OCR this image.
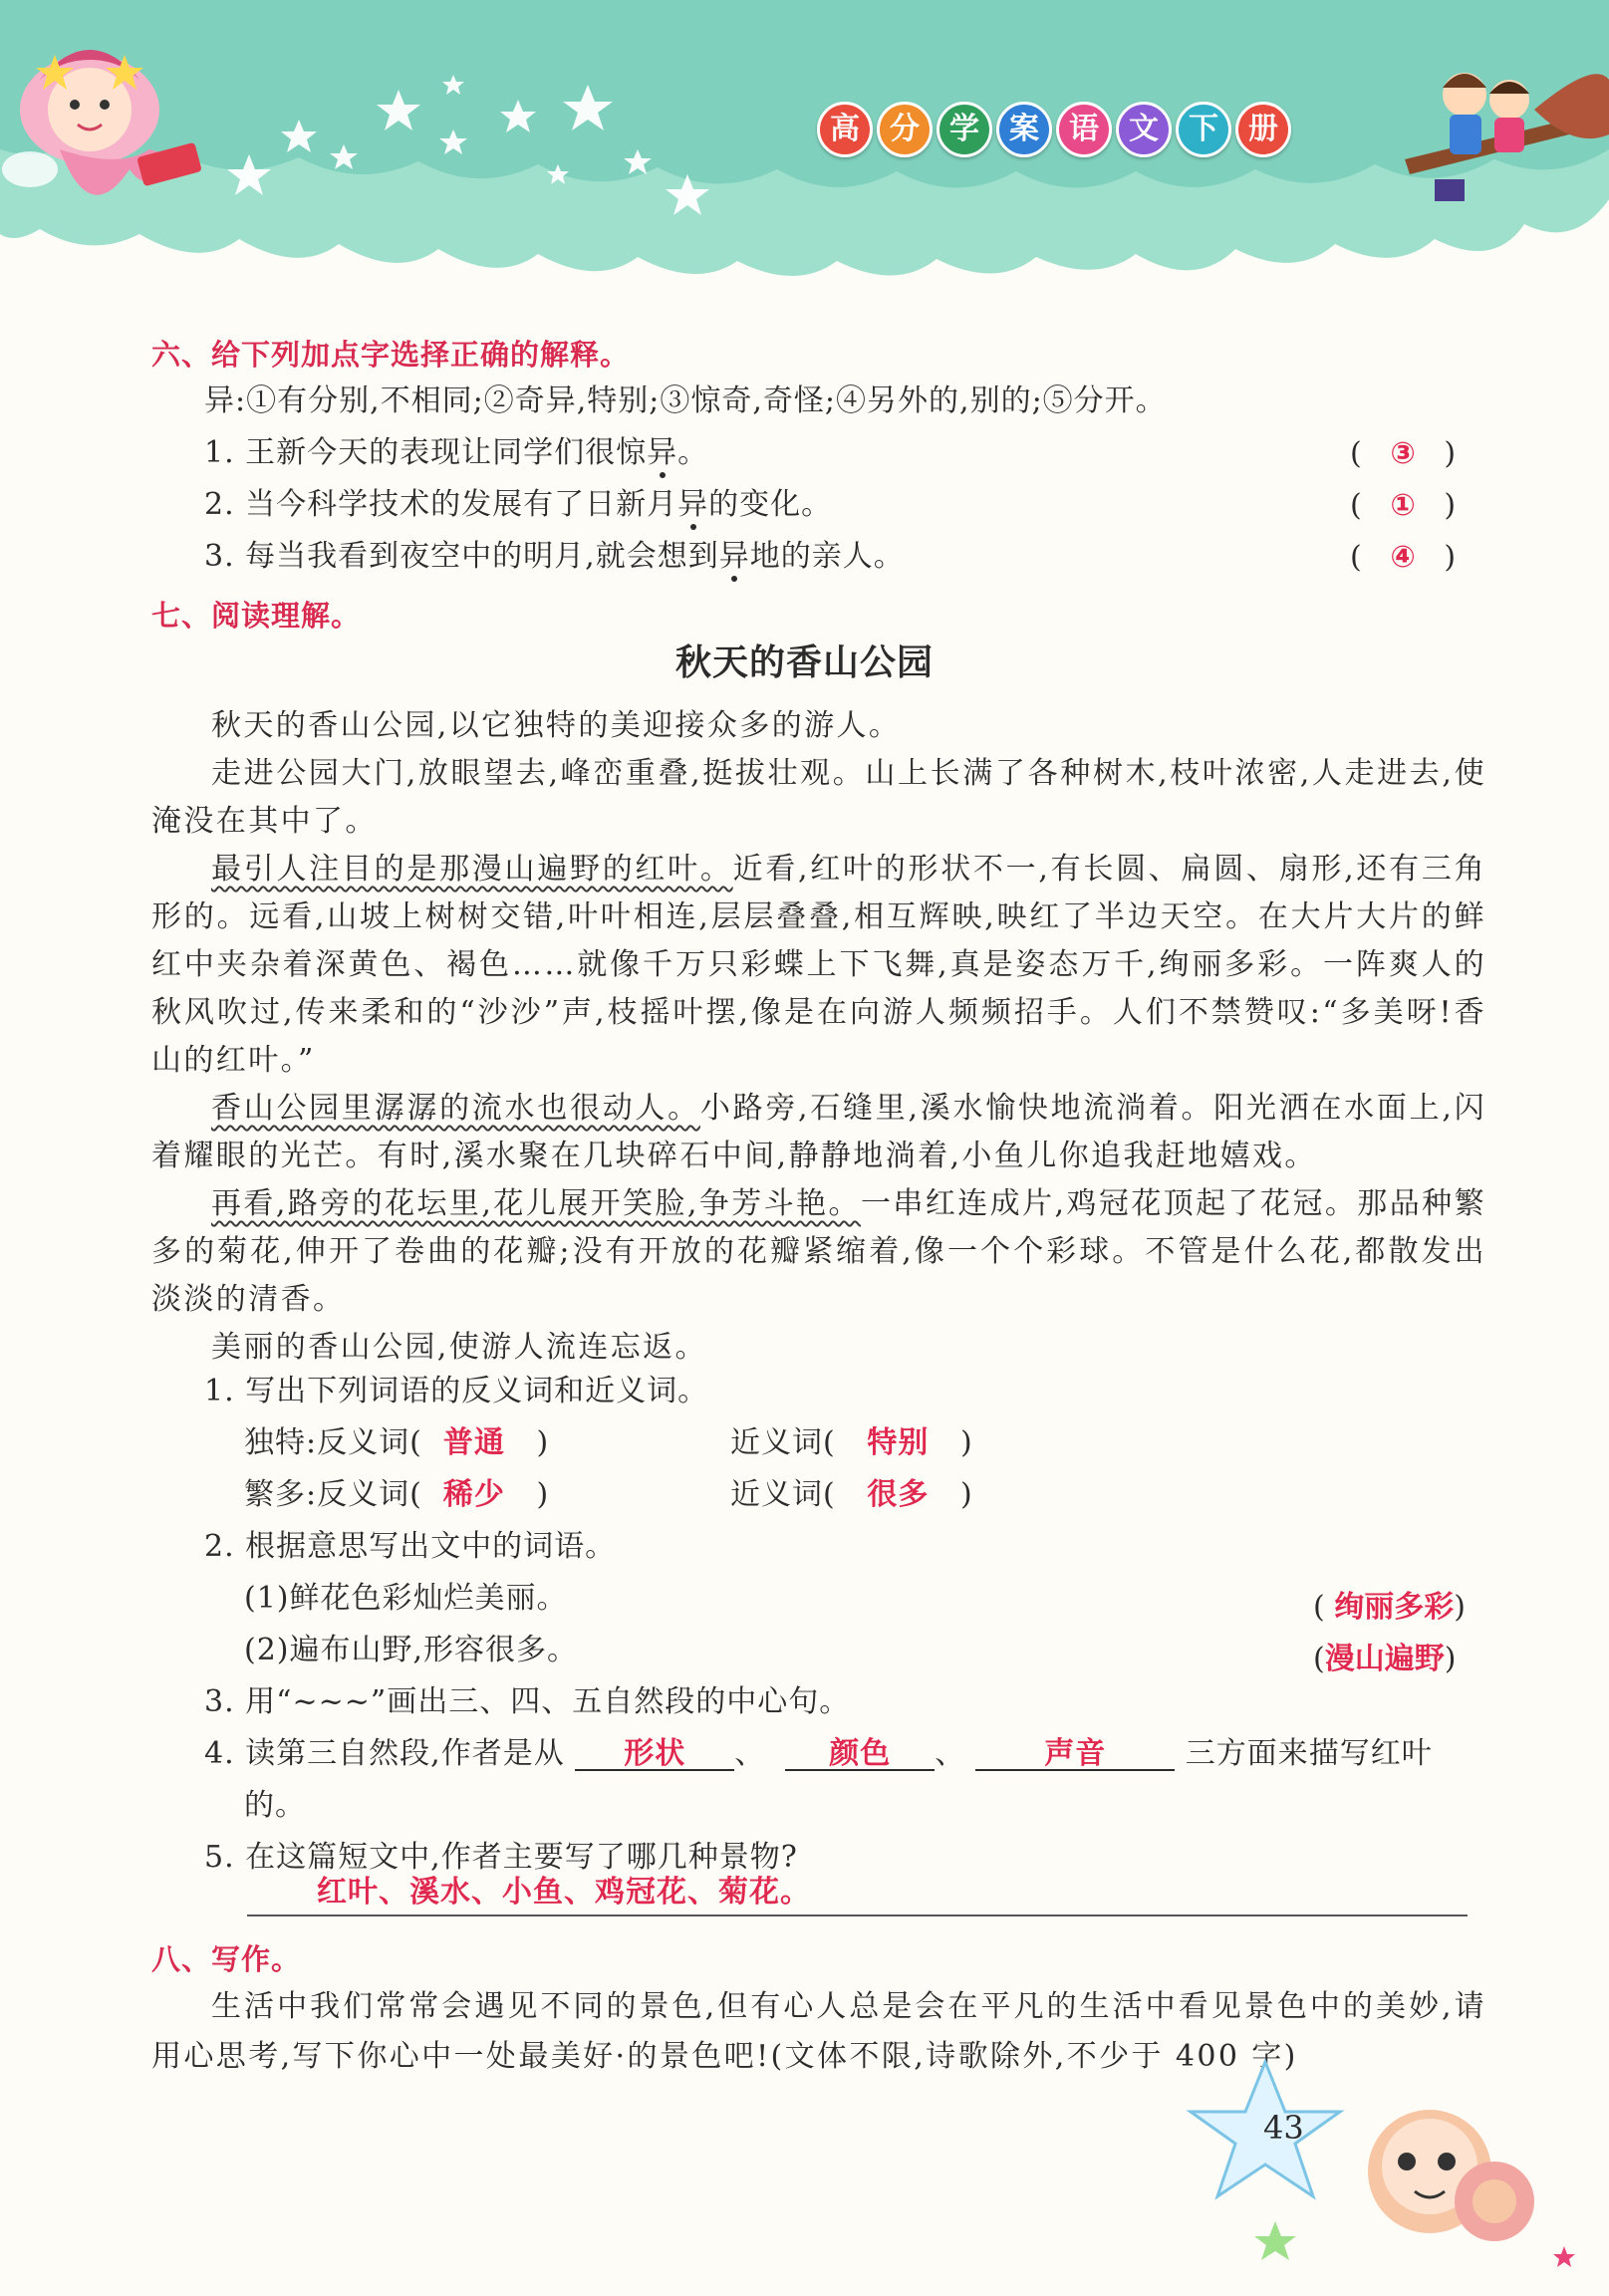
高 分 学 案 语 文 下 册
六、给下列加点字选择正确的解释。
异:①有分别,不相同;②奇异,特别;③惊奇,奇怪;④另外的,别的;⑤分开。
1. 王新今天的表现让同学们很惊异。	(   ③   )
2. 当今科学技术的发展有了日新月异的变化。	(   ①   )
3. 每当我看到夜空中的明月,就会想到异地的亲人。	(   ④   )
七、阅读理解。
秋天的香山公园
秋天的香山公园,以它独特的美迎接众多的游人。
走进公园大门,放眼望去,峰峦重叠,挺拔壮观。山上长满了各种树木,枝叶浓密,人走进去,使淹没在其中了。
最引人注目的是那漫山遍野的红叶。近看,红叶的形状不一,有长圆、扁圆、扇形,还有三角形的。远看,山坡上树树交错,叶叶相连,层层叠叠,相互辉映,映红了半边天空。在大片大片的鲜红中夹杂着深黄色、褐色……就像千万只彩蝶上下飞舞,真是姿态万千,绚丽多彩。一阵爽人的秋风吹过,传来柔和的“沙沙”声,枝摇叶摆,像是在向游人频频招手。人们不禁赞叹:“多美呀!香山的红叶。”
香山公园里潺潺的流水也很动人。小路旁,石缝里,溪水愉快地流淌着。阳光洒在水面上,闪着耀眼的光芒。有时,溪水聚在几块碎石中间,静静地淌着,小鱼儿你追我赶地嬉戏。
再看,路旁的花坛里,花儿展开笑脸,争芳斗艳。一串红连成片,鸡冠花顶起了花冠。那品种繁多的菊花,伸开了卷曲的花瓣;没有开放的花瓣紧缩着,像一个个彩球。不管是什么花,都散发出淡淡的清香。
美丽的香山公园,使游人流连忘返。
1. 写出下列词语的反义词和近义词。
独特:反义词( 普通 )	近义词( 特别 )
繁多:反义词( 稀少 )	近义词( 很多 )
2. 根据意思写出文中的词语。
(1)鲜花色彩灿烂美丽。	( 绚丽多彩)
(2)遍布山野,形容很多。	(漫山遍野)
3. 用“~~~”画出三、四、五自然段的中心句。
4. 读第三自然段,作者是从 形状 、 颜色 、	声音	三方面来描写红叶
的。
5. 在这篇短文中,作者主要写了哪几种景物?
红叶、溪水、小鱼、鸡冠花、菊花。
八、写作。
生活中我们常常会遇见不同的景色,但有心人总是会在平凡的生活中看见景色中的美妙,请用心思考,写下你心中一处最美好·的景色吧!(文体不限,诗歌除外,不少于 400 字)
43
